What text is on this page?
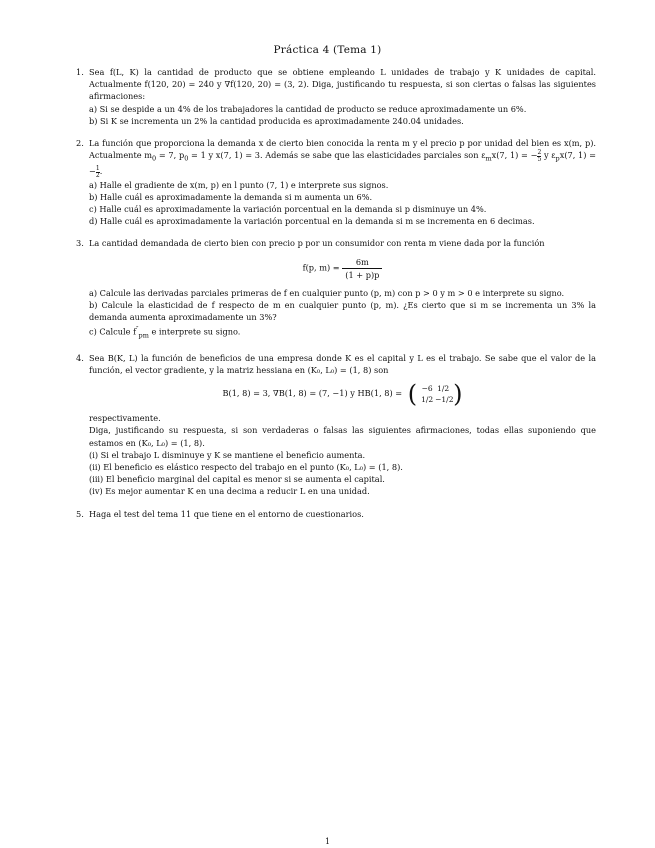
Práctica 4 (Tema 1)
1. Sea f(L, K) la cantidad de producto que se obtiene empleando L unidades de trabajo y K unidades de capital. Actualmente f(120, 20) = 240 y ∇f(120, 20) = (3, 2). Diga, justificando tu respuesta, si son ciertas o falsas las siguientes afirmaciones:

a) Si se despide a un 4% de los trabajadores la cantidad de producto se reduce aproximadamente un 6%.

b) Si K se incrementa un 2% la cantidad producida es aproximadamente 240.04 unidades.

2. La función que proporciona la demanda x de cierto bien conocida la renta m y el precio p por unidad del bien es x(m, p). Actualmente $m_0 = 7$, $p_0 = 1$ y x(7, 1) = 3. Además se sabe que las elasticidades parciales son $\varepsilon_mx(7$, 1) = − $\frac{2}{5}$ y $\varepsilon_px(7$, 1) = − $\frac{1}{2}$ .

a) Halle el gradiente de x(m, p) en l punto (7, 1) e interprete sus signos.

b) Halle cuál es aproximadamente la demanda si m aumenta un 6%.

c) Halle cuál es aproximadamente la variación porcentual en la demanda si p disminuye un 4%.

d) Halle cuál es aproximadamente la variación porcentual en la demanda si m se incrementa en 6 decimas.

3. La cantidad demandada de cierto bien con precio p por un consumidor con renta m viene dada por la función

f(p, $m) = \frac{6m}{(1 + p)p}$

a) Calcule las derivadas parciales primeras de f en cualquier punto (p, m) con p > 0 y m > 0 e interprete su signo.

b) Calcule la elasticidad de f respecto de m en cualquier punto (p, m). ¿Es cierto que si m se incrementa un 3% la demanda aumenta aproximadamente un 3%?

c) Calcule $f''_{pm}$ e interprete su signo.

4. Sea B(K, L) la función de beneficios de una empresa donde K es el capital y L es el trabajo. Se sabe que el valor de la función, el vector gradiente, y la matriz hessiana en (K₀, L₀) = (1, 8) son

B(1, 8) = 3, ∇B(1, 8) = (7, −1) y HB(1, 8) = ( −6 1/2
1/2 −1/2 )

respectivamente.

Diga, justificando su respuesta, si son verdaderas o falsas las siguientes afirmaciones, todas ellas suponiendo que estamos en (K₀, L₀) = (1, 8).

(i) Si el trabajo L disminuye y K se mantiene el beneficio aumenta.

(ii) El beneficio es elástico respecto del trabajo en el punto (K₀, L₀) = (1, 8).

(iii) El beneficio marginal del capital es menor si se aumenta el capital.

(iv) Es mejor aumentar K en una decima a reducir L en una unidad.

5. Haga el test del tema 11 que tiene en el entorno de cuestionarios.

1
